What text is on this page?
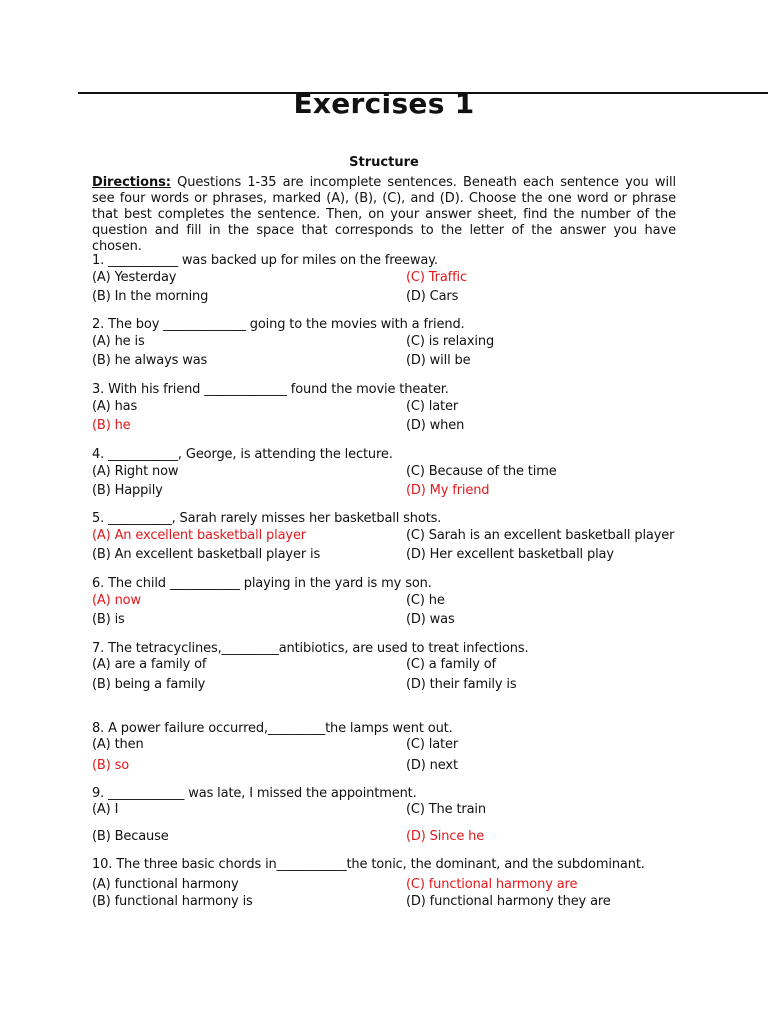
Exercises 1
Structure

Directions: Questions 1-35 are incomplete sentences. Beneath each sentence you will see four words or phrases, marked (A), (B), (C), and (D). Choose the one word or phrase that best completes the sentence. Then, on your answer sheet, find the number of the question and fill in the space that corresponds to the letter of the answer you have chosen.

1. ___________ was backed up for miles on the freeway.

(A) Yesterday
(B) In the morning
(C) Traffic
(D) Cars

2. The boy _____________ going to the movies with a friend.

(A) he is
(B) he always was
(C) is relaxing
(D) will be

3. With his friend _____________ found the movie theater.

(A) has
(B) he
(C) later
(D) when

4. ___________, George, is attending the lecture.

(A) Right now
(B) Happily
(C) Because of the time
(D) My friend

5. __________, Sarah rarely misses her basketball shots.

(A) An excellent basketball player
(B) An excellent basketball player is
(C) Sarah is an excellent basketball player
(D) Her excellent basketball play

6. The child ___________ playing in the yard is my son.

(A) now
(B) is
(C) he
(D) was

7. The tetracyclines,_________antibiotics, are used to treat infections.

(A) are a family of
(B) being a family
(C) a family of
(D) their family is

8. A power failure occurred,_________the lamps went out.

(A) then
(B) so
(C) later
(D) next

9. ____________ was late, I missed the appointment.

(A) I
(B) Because
(C) The train
(D) Since he

10. The three basic chords in___________the tonic, the dominant, and the subdominant.

(A) functional harmony
(B) functional harmony is
(C) functional harmony are
(D) functional harmony they are
